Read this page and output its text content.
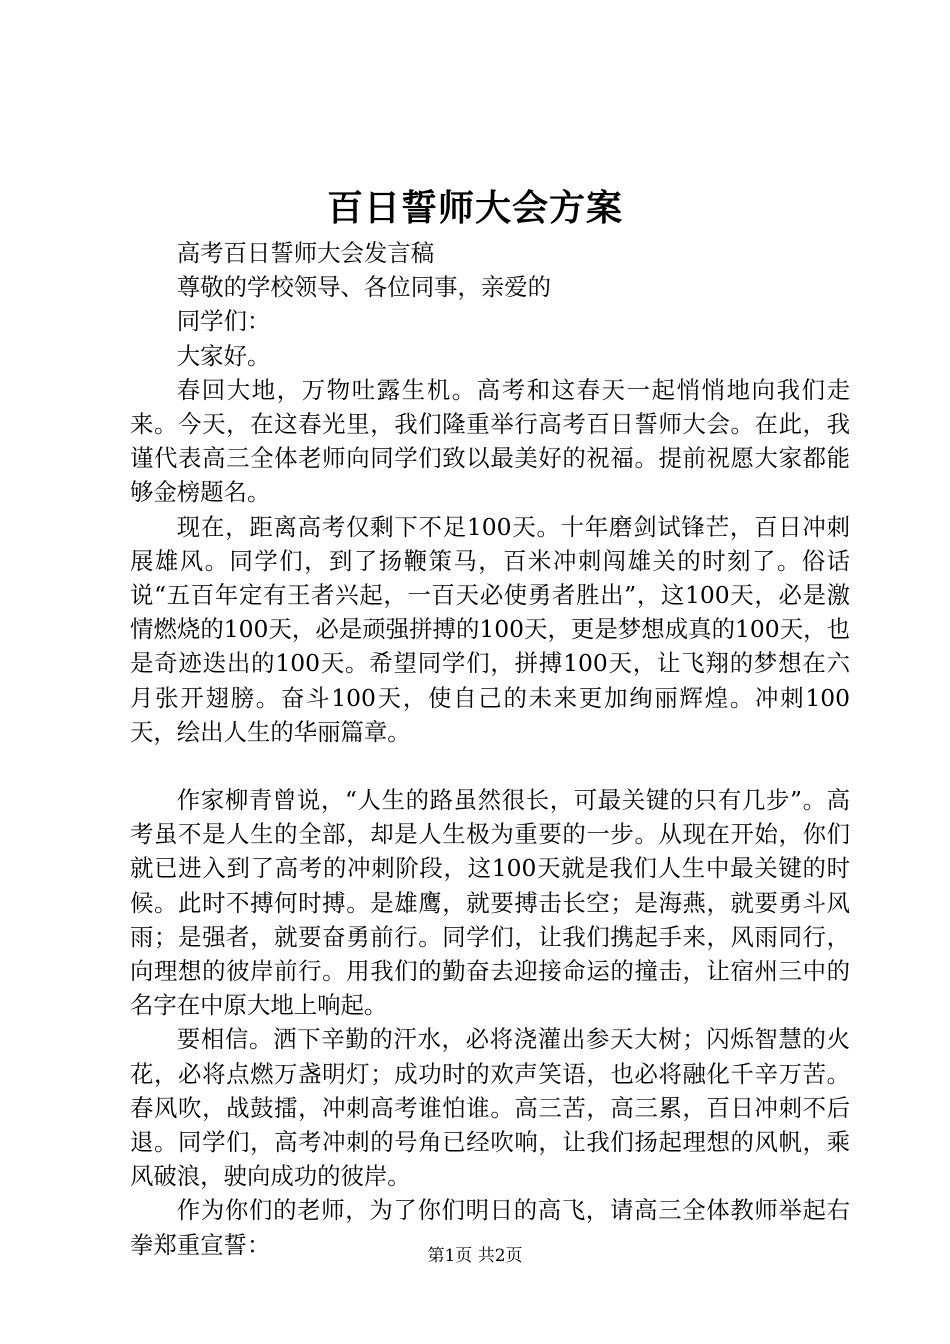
百日誓师大会方案

高考百日誓师大会发言稿

尊敬的学校领导、各位同事，亲爱的

同学们：

大家好。

春回大地，万物吐露生机。高考和这春天一起悄悄地向我们走来。今天，在这春光里，我们隆重举行高考百日誓师大会。在此，我谨代表高三全体老师向同学们致以最美好的祝福。提前祝愿大家都能够金榜题名。

现在，距离高考仅剩下不足100天。十年磨剑试锋芒，百日冲刺展雄风。同学们，到了扬鞭策马，百米冲刺闯雄关的时刻了。俗话说“五百年定有王者兴起，一百天必使勇者胜出”，这100天，必是激情燃烧的100天，必是顽强拼搏的100天，更是梦想成真的100天，也是奇迹迭出的100天。希望同学们，拼搏100天，让飞翔的梦想在六月张开翅膀。奋斗100天，使自己的未来更加绚丽辉煌。冲刺100天，绘出人生的华丽篇章。

作家柳青曾说，“人生的路虽然很长，可最关键的只有几步”。高考虽不是人生的全部，却是人生极为重要的一步。从现在开始，你们就已进入到了高考的冲刺阶段，这100天就是我们人生中最关键的时候。此时不搏何时搏。是雄鹰，就要搏击长空；是海燕，就要勇斗风雨；是强者，就要奋勇前行。同学们，让我们携起手来，风雨同行，向理想的彼岸前行。用我们的勤奋去迎接命运的撞击，让宿州三中的名字在中原大地上响起。

要相信。洒下辛勤的汗水，必将浇灌出参天大树；闪烁智慧的火花，必将点燃万盏明灯；成功时的欢声笑语，也必将融化千辛万苦。春风吹，战鼓擂，冲刺高考谁怕谁。高三苦，高三累，百日冲刺不后退。同学们，高考冲刺的号角已经吹响，让我们扬起理想的风帆，乘风破浪，驶向成功的彼岸。

作为你们的老师，为了你们明日的高飞，请高三全体教师举起右拳郑重宣誓：	第1页 共2页
